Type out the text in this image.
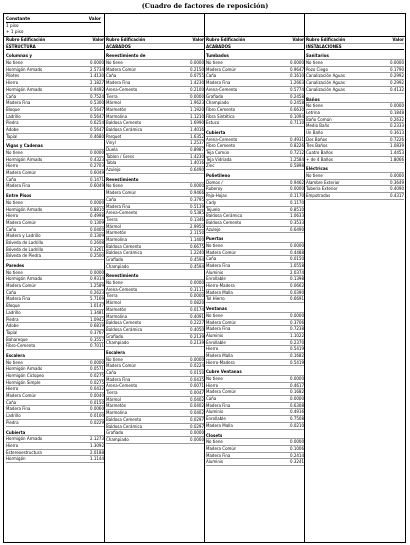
(Cuadro de factores de reposición)
Constante	Valor
1 piso
+ 1 piso
Rubro Edificación	Valor
ESTRUCTURA
Columnas y
No tiene	0.0000
Hormigón Armado	2.5734
Pilotes	1.4130
Hierro	2.1827
Hormigón Armado	0.9492
Caña	0.7524
Madera Fina	0.5300
Bloque	0.5647
Ladrillo	0.5647
Piedra	0.6254
Adobe	0.5647
Tapial	0.4680
Vigas y Cadenas
No tiene	0.0000
Hormigón Armado	0.4323
Hierro	0.2703
Madera Común	0.6049
Caña	0.1471
Madera Fina	0.6049
Entre Pisos
No tiene	0.0000
Hormigón Armado	0.8810
Hierro	0.4998
Madera Común	0.1309
Caña	0.0400
Madera y Ladrillo	0.1309
Bóveda de Ladrillo	0.2608
Bóveda de Ladrillo	0.3261
Bóveda de Piedra	0.2500
Paredes
No tiene	0.0000
Hormigón Armado	0.9314
Madera Común	1.2589
Caña	0.2623
Madera Fina	5.7169
Bloque	1.0147
Ladrillo	1.3481
Piedra	1.0942
Adobe	0.6819
Tapial	0.3767
Bahareque	0.3557
Fibro-Cemento	0.7011
Escalera
No tiene	0.0000
Hormigón Armado	0.0571
Hormigón Ciclopeo	0.0275
Hormigón Simple	0.0275
Hierro	0.0432
Madera Común	0.0040
Caña	0.0150
Madera Fina	0.0060
Ladrillo	0.0100
Piedra	0.0229
Cubierta
Hormigón Armado	2.1273
Hierro	1.3092
Estereoestructura	2.0188
Hormigón	1.1144
Rubro Edificación	Valor
ACABADOS
Revestimiento de
No tiene	0.0000
Madera Común	0.2150
Caña	0.0755
Madera Fina	1.4230
Arena-Cemento	0.2100
Tierra	0.0000
Mármol	1.9623
Marmetón	1.1920
Marmolina	1.1210
Baldosa Cemento	1.6990
Baldosa Cerámica	1.4016
Parquet	1.6352
Vinyl	1.2537
Duela	0.8987
Tablon / Gress	1.4230
Tabla	1.4016
Azulejo	0.6490
Revestimiento
No tiene	0.0000
Madera Común	0.9466
Caña	0.3795
Madera Fina	0.5139
Arena-Cemento	0.5385
Tierra	0.1346
Mármol	2.9950
Marmetón	2.1150
Marmolina	1.1400
Baldosa Cemento	0.6675
Baldosa Cerámica	1.2240
Grafiado	0.4594
Champiado	0.4594
Revestimiento
No tiene	0.0000
Arena-Cemento	0.3111
Tierra	0.0000
Mármol	0.0820
Marmetón	0.0174
Marmolina	0.4091
Baldosa Cemento	0.2227
Baldosa Cerámica	0.4050
Grafiado	0.2139
Champiado	0.2139
Escalera
No tiene	0.0000
Madera Común	0.0224
Caña	0.0150
Madera Fina	0.0435
Arena-Cemento	0.0071
Tierra	0.0047
Mármol	0.0402
Marmetón	0.0402
Marmolina	0.0402
Baldosa Cemento	0.0297
Baldosa Cerámica	0.0297
Grafiado	0.0000
Champiado	0.0000
Rubro Edificación	Valor
ACABADOS
Tumbados
No tiene	0.0000
Madera Común	0.9647
Caña	0.1610
Madera Fina	1.2663
Arena-Cemento	0.5774
Grafiado	0.2458
Champiado	0.2458
Fibro Cemento	0.6630
Fibra Sintética	0.1094
Estuco	0.7110
Cubierta
Arena-Cemento	0.4931
Fibro Cemento	0.8226
Teja Común	0.7212
Teja Vidriada	1.2584
Zinc	0.5898
Polietileno
Domos /	0.9462
Ruberoy	0.0000
Paja-Hojas	0.1170
Cady	0.1170
Tejuelo	0.8510
Baldosa Cerámica	1.0633
Baldosa Cemento	0.3533
Azulejo	0.6490
Puertas
No tiene	0.0000
Madera Común	0.4488
Caña	0.0150
Madera Fina	1.0558
Aluminio	2.0374
Enrollable	0.1398
Hierro-Madera	0.0662
Madera Malla	0.0390
Tol Hierro	0.6691
Ventanas
No tiene	0.0000
Madera Común	0.3706
Madera Fina	0.7238
Aluminio	1.1022
Enrollable	0.2370
Hierro	0.5419
Madera Malla	0.1682
Hierro-Madera	0.5419
Cubre Ventanas
No tiene	0.0000
Hierro	0.4617
Madera Común	0.1682
Caña	0.0000
Madera Fina	0.6308
Aluminio	0.4916
Enrollable	0.7508
Madera Malla	0.0210
Closets
No tiene	0.0000
Madera Común	0.1006
Madera Fina	0.2414
Aluminio	0.3241
Rubro Edificación	Valor
INSTALACIONES
Sanitarios
No tiene	0.0000
Pozo Ciego	0.1790
Canalización Aguas	0.2992
Canalización Aguas	0.2992
Canalización Aguas	0.4132
Baños
No tiene	0.0000
Letrina	0.1848
Baño Común	0.2632
Medio Baño	0.2333
Un Baño	0.3613
Dos Baños	0.7226
Tres Baños	1.0839
Cuatro Baños	1.4453
+ de 4 Baños	1.8066
Eléctricas
No tiene	0.0000
Alambre Exterior	0.3649
Tubería Exterior	0.4090
Empotradas	0.4317
